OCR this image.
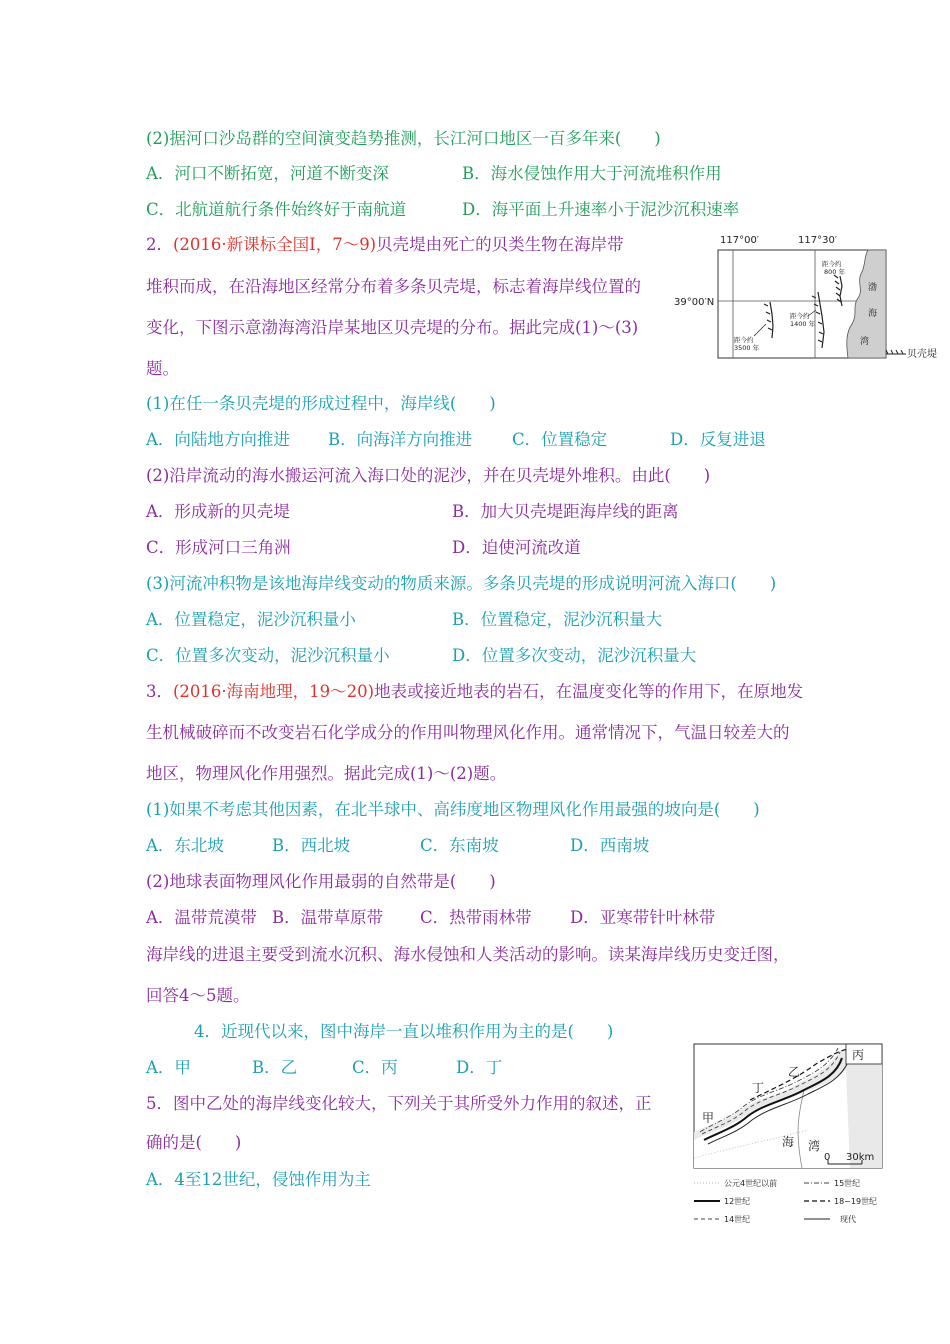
(2)据河口沙岛群的空间演变趋势推测，长江河口地区一百多年来(　　)
A．河口不断拓宽，河道不断变深	B．海水侵蚀作用大于河流堆积作用
C．北航道航行条件始终好于南航道	D．海平面上升速率小于泥沙沉积速率
2．(2016·新课标全国Ⅰ，7～9)贝壳堤由死亡的贝类生物在海岸带
堆积而成，在沿海地区经常分布着多条贝壳堤，标志着海岸线位置的
变化，下图示意渤海湾沿岸某地区贝壳堤的分布。据此完成(1)～(3)
题。
117°00′	117°30′
39°00′N
渤
海
湾
距今约
800 年
距今约
1400 年
距今约
3500 年
贝壳堤
(1)在任一条贝壳堤的形成过程中，海岸线(　　)
A．向陆地方向推进 B．向海洋方向推进 C．位置稳定	D．反复进退
(2)沿岸流动的海水搬运河流入海口处的泥沙，并在贝壳堤外堆积。由此(　　)
A．形成新的贝壳堤	B．加大贝壳堤距海岸线的距离
C．形成河口三角洲	D．迫使河流改道
(3)河流冲积物是该地海岸线变动的物质来源。多条贝壳堤的形成说明河流入海口(　　)
A．位置稳定，泥沙沉积量小	B．位置稳定，泥沙沉积量大
C．位置多次变动，泥沙沉积量小	D．位置多次变动，泥沙沉积量大
3．(2016·海南地理，19～20)地表或接近地表的岩石，在温度变化等的作用下，在原地发
生机械破碎而不改变岩石化学成分的作用叫物理风化作用。通常情况下，气温日较差大的
地区，物理风化作用强烈。据此完成(1)～(2)题。
(1)如果不考虑其他因素，在北半球中、高纬度地区物理风化作用最强的坡向是(　　)
A．东北坡	B．西北坡	C．东南坡	D．西南坡
(2)地球表面物理风化作用最弱的自然带是(　　)
A．温带荒漠带 B．温带草原带 C．热带雨林带 D．亚寒带针叶林带
海岸线的进退主要受到流水沉积、海水侵蚀和人类活动的影响。读某海岸线历史变迁图，
回答4～5题。
4．近现代以来，图中海岸一直以堆积作用为主的是(　　)
A．甲	B．乙	C．丙	D．丁
5．图中乙处的海岸线变化较大，下列关于其所受外力作用的叙述，正
确的是(　　)
A．4至12世纪，侵蚀作用为主
甲
乙
丙
丁
海 湾
0 30km
公元4世纪以前	15世纪
12世纪	18~19世纪
14世纪	现代
